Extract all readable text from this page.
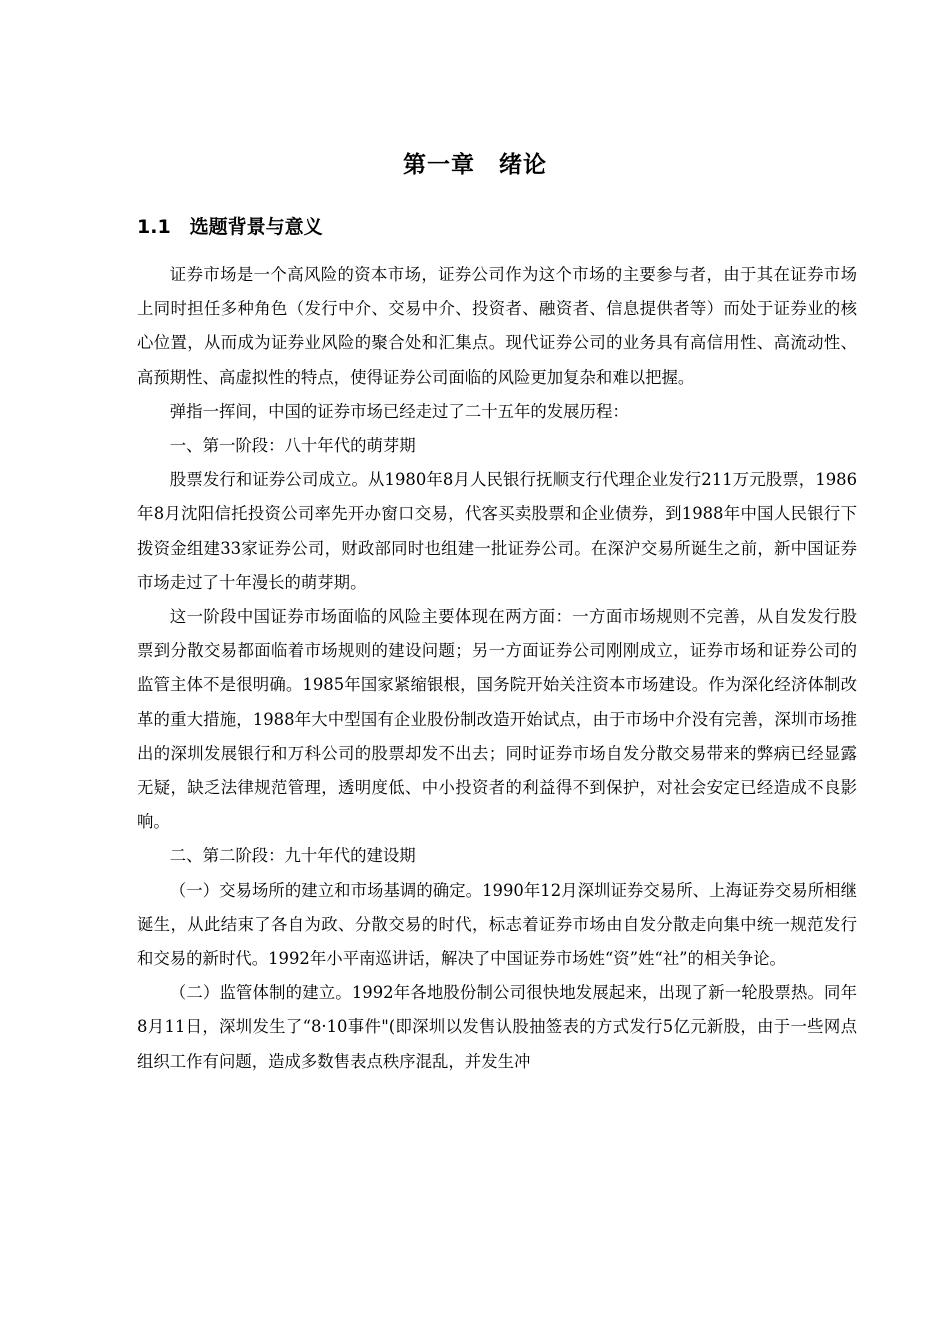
第一章　绪论
1.1　选题背景与意义

证券市场是一个高风险的资本市场，证券公司作为这个市场的主要参与者，由于其在证券市场上同时担任多种角色（发行中介、交易中介、投资者、融资者、信息提供者等）而处于证券业的核心位置，从而成为证券业风险的聚合处和汇集点。现代证券公司的业务具有高信用性、高流动性、高预期性、高虚拟性的特点，使得证券公司面临的风险更加复杂和难以把握。

弹指一挥间，中国的证券市场已经走过了二十五年的发展历程：

一、第一阶段：八十年代的萌芽期

股票发行和证券公司成立。从1980年8月人民银行抚顺支行代理企业发行211万元股票，1986年8月沈阳信托投资公司率先开办窗口交易，代客买卖股票和企业债券，到1988年中国人民银行下拨资金组建33家证券公司，财政部同时也组建一批证券公司。在深沪交易所诞生之前，新中国证券市场走过了十年漫长的萌芽期。

这一阶段中国证券市场面临的风险主要体现在两方面：一方面市场规则不完善，从自发发行股票到分散交易都面临着市场规则的建设问题；另一方面证券公司刚刚成立，证券市场和证券公司的监管主体不是很明确。1985年国家紧缩银根，国务院开始关注资本市场建设。作为深化经济体制改革的重大措施，1988年大中型国有企业股份制改造开始试点，由于市场中介没有完善，深圳市场推出的深圳发展银行和万科公司的股票却发不出去；同时证券市场自发分散交易带来的弊病已经显露无疑，缺乏法律规范管理，透明度低、中小投资者的利益得不到保护，对社会安定已经造成不良影响。

二、第二阶段：九十年代的建设期

（一）交易场所的建立和市场基调的确定。1990年12月深圳证券交易所、上海证券交易所相继诞生，从此结束了各自为政、分散交易的时代，标志着证券市场由自发分散走向集中统一规范发行和交易的新时代。1992年小平南巡讲话，解决了中国证券市场姓“资”姓“社”的相关争论。

（二）监管体制的建立。1992年各地股份制公司很快地发展起来，出现了新一轮股票热。同年8月11日，深圳发生了“8·10事件"(即深圳以发售认股抽签表的方式发行5亿元新股，由于一些网点组织工作有问题，造成多数售表点秩序混乱，并发生冲
